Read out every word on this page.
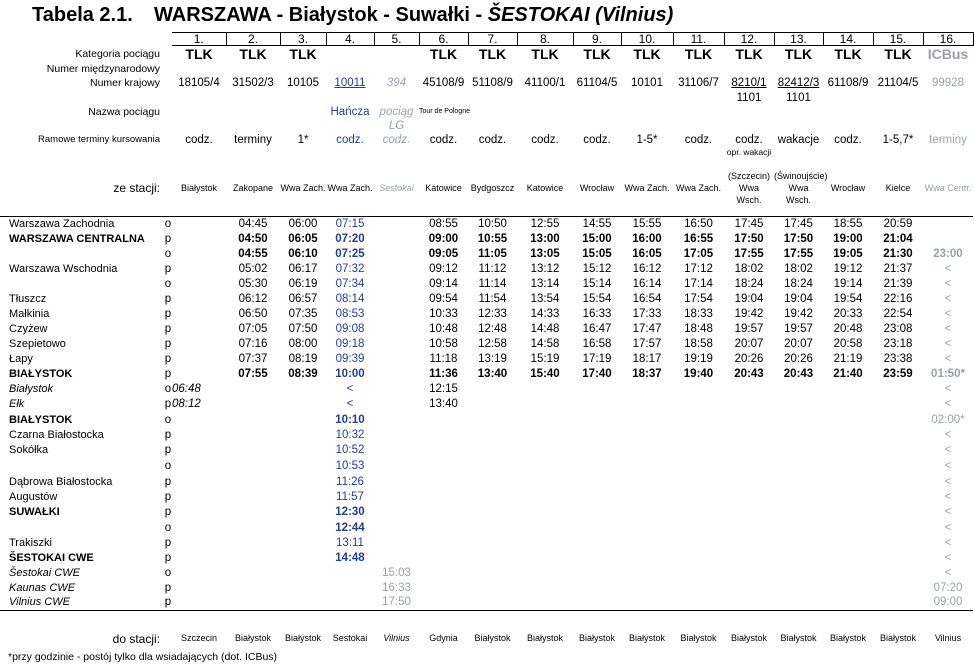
Tabela 2.1. WARSZAWA - Białystok - Suwałki - ŠESTOKAI (Vilnius)
		1.	2.	3.	4.	5.	6.	7.	8.	9.	10.	11.	12.	13.	14.	15.	16.
Kategoria pociągu		TLK	TLK	TLK			TLK	TLK	TLK	TLK	TLK	TLK	TLK	TLK	TLK	TLK	ICBus
Numer międzynarodowy																	
Numer krajowy		18105/4	31502/3	10105	10011	394	45108/9	51108/9	41100/1	61104/5	10101	31106/7	8210/1	82412/3	61108/9	21104/5	99928
													1101	1101			
Nazwa pociągu					Hańcza	pociąg LG	Tour de Pologne										

Ramowe terminy kursowania		codz.	terminy	1*	codz.	codz.	codz.	codz.	codz.	codz.	1-5*	codz.	codz.	wakacje	codz.	1-5,7*	terminy
													opr. wakacji				

ze stacji:		Białystok	Zakopane	Wwa Zach.	Wwa Zach.	Sestokai	Katowice	Bydgoszcz	Katowice	Wrocław	Wwa Zach.	Wwa Zach.	(Szczecin) Wwa Wsch.	(Świnoujście) Wwa Wsch.	Wrocław	Kielce	Wwa Centr.

Warszawa Zachodnia	o		04:45	06:00	07:15		08:55	10:50	12:55	14:55	15:55	16:50	17:45	17:45	18:55	20:59	
WARSZAWA CENTRALNA	p		04:50	06:05	07:20		09:00	10:55	13:00	15:00	16:00	16:55	17:50	17:50	19:00	21:04	
	o		04:55	06:10	07:25		09:05	11:05	13:05	15:05	16:05	17:05	17:55	17:55	19:05	21:30	23:00
Warszawa Wschodnia	p		05:02	06:17	07:32		09:12	11:12	13:12	15:12	16:12	17:12	18:02	18:02	19:12	21:37	<
	o		05:30	06:19	07:34		09:14	11:14	13:14	15:14	16:14	17:14	18:24	18:24	19:14	21:39	<
Tłuszcz	p		06:12	06:57	08:14		09:54	11:54	13:54	15:54	16:54	17:54	19:04	19:04	19:54	22:16	<
Małkinia	p		06:50	07:35	08:53		10:33	12:33	14:33	16:33	17:33	18:33	19:42	19:42	20:33	22:54	<
Czyżew	p		07:05	07:50	09:08		10:48	12:48	14:48	16:47	17:47	18:48	19:57	19:57	20:48	23:08	<
Szepietowo	p		07:16	08:00	09:18		10:58	12:58	14:58	16:58	17:57	18:58	20:07	20:07	20:58	23:18	<
Łapy	p		07:37	08:19	09:39		11:18	13:19	15:19	17:19	18:17	19:19	20:26	20:26	21:19	23:38	<
BIAŁYSTOK	p		07:55	08:39	10:00		11:36	13:40	15:40	17:40	18:37	19:40	20:43	20:43	21:40	23:59	01:50*
Białystok	o	06:48			<		12:15										<
Ełk	p	08:12			<		13:40										<
BIAŁYSTOK	o				10:10												02:00*
Czarna Białostocka	p				10:32												<
Sokółka	p				10:52												<
	o				10:53												<
Dąbrowa Białostocka	p				11:26												<
Augustów	p				11:57												<
SUWAŁKI	p				12:30												<
	o				12:44												<
Trakiszki	p				13:11												<
ŠESTOKAI CWE	p				14:48												<
Šestokai CWE	o					15:03											<
Kaunas CWE	p					16:33											07:20
Vilnius CWE	p					17:50											09:00

do stacji:		Szczecin	Białystok	Białystok	Sestokai	Vilnius	Gdynia	Białystok	Białystok	Białystok	Białystok	Białystok	Białystok	Białystok	Białystok	Białystok	Vilnius
*przy godzinie - postój tylko dla wsiadających (dot. ICBus)
